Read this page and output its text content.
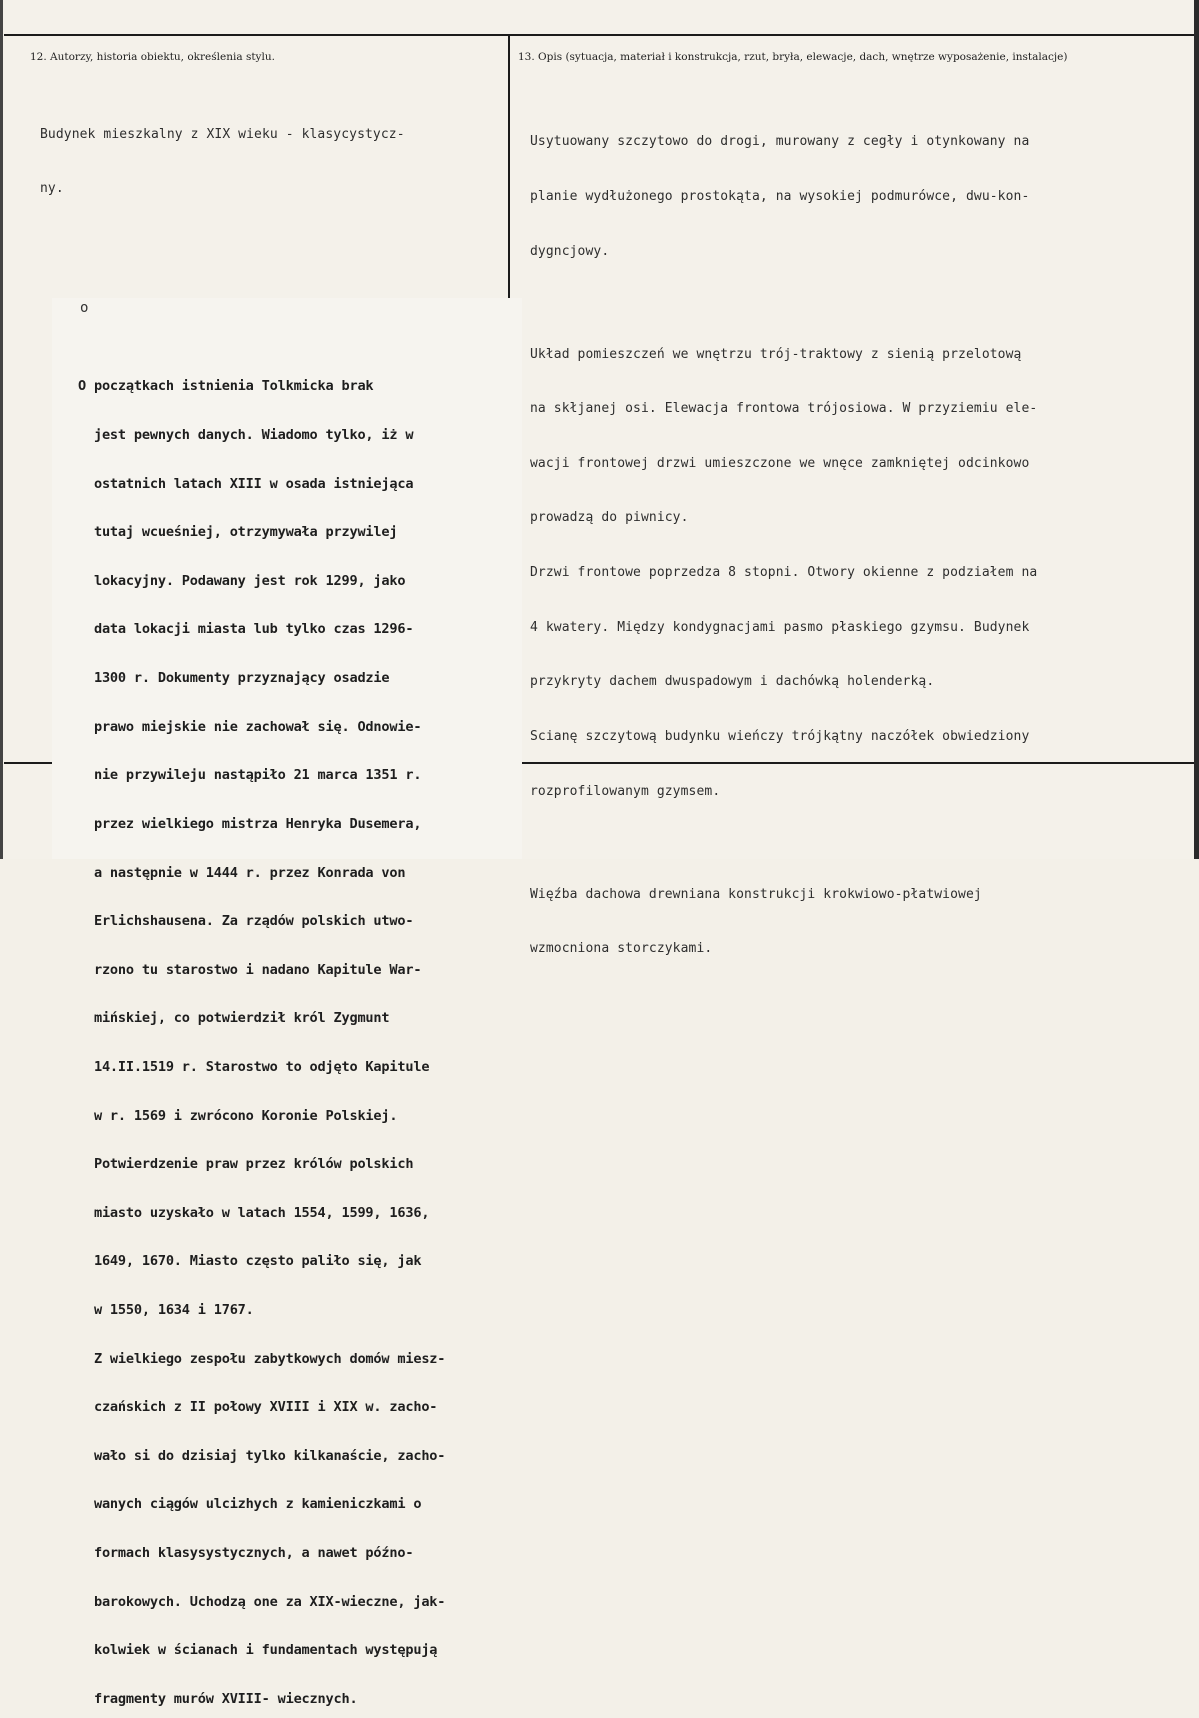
12. Autorzy, historia obiektu, określenia stylu.	13. Opis (sytuacja, materiał i konstrukcja, rzut, bryła, elewacje, dach, wnętrze wyposażenie, instalacje)

Budynek mieszkalny z XIX wieku - klasycystycz-

ny.

Usytuowany szczytowo do drogi, murowany z cegły i otynkowany na

planie wydłużonego prostokąta, na wysokiej podmurówce, dwu-kon-

dygncjowy.

Układ pomieszczeń we wnętrzu trój-traktowy z sienią przelotową

na skłjanej osi. Elewacja frontowa trójosiowa. W przyziemiu ele-

wacji frontowej drzwi umieszczone we wnęce zamkniętej odcinkowo

prowadzą do piwnicy.

Drzwi frontowe poprzedza 8 stopni. Otwory okienne z podziałem na

4 kwatery. Między kondygnacjami pasmo płaskiego gzymsu. Budynek

przykryty dachem dwuspadowym i dachówką holenderką.

Scianę szczytową budynku wieńczy trójkątny naczółek obwiedziony

rozprofilowanym gzymsem.

Więźba dachowa drewniana konstrukcji krokwiowo-płatwiowej

wzmocniona storczykami.

o

O początkach istnienia Tolkmicka brak

jest pewnych danych. Wiadomo tylko, iż w

ostatnich latach XIII w osada istniejąca

tutaj wcueśniej, otrzymywała przywilej

lokacyjny. Podawany jest rok 1299, jako

data lokacji miasta lub tylko czas 1296-

1300 r. Dokumenty przyznający osadzie

prawo miejskie nie zachował się. Odnowie-

nie przywileju nastąpiło 21 marca 1351 r.

przez wielkiego mistrza Henryka Dusemera,

a następnie w 1444 r. przez Konrada von

Erlichshausena. Za rządów polskich utwo-

rzono tu starostwo i nadano Kapitule War-

mińskiej, co potwierdził król Zygmunt

14.II.1519 r. Starostwo to odjęto Kapitule

w r. 1569 i zwrócono Koronie Polskiej.

Potwierdzenie praw przez królów polskich

miasto uzyskało w latach 1554, 1599, 1636,

1649, 1670. Miasto często paliło się, jak

w 1550, 1634 i 1767.

Z wielkiego zespołu zabytkowych domów miesz-

czańskich z II połowy XVIII i XIX w. zacho-

wało si do dzisiaj tylko kilkanaście, zacho-

wanych ciągów ulcizhych z kamieniczkami o

formach klasysystycznych, a nawet późno-

barokowych. Uchodzą one za XIX-wieczne, jak-

kolwiek w ścianach i fundamentach występują

fragmenty murów XVIII- wiecznych.
